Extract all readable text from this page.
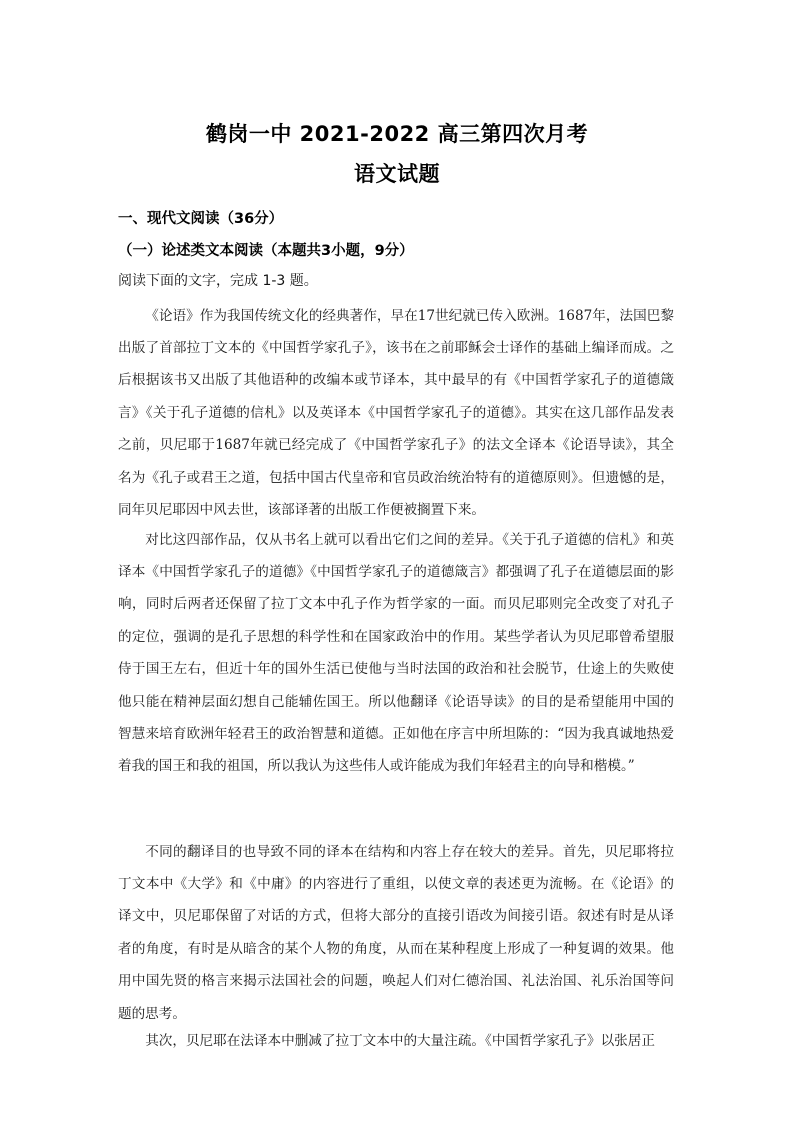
鹤岗一中 2021-2022 高三第四次月考
语文试题
一、现代文阅读（36分）
（一）论述类文本阅读（本题共3小题，9分）
阅读下面的文字，完成 1-3 题。

《论语》作为我国传统文化的经典著作，早在17世纪就已传入欧洲。1687年，法国巴黎出版了首部拉丁文本的《中国哲学家孔子》，该书在之前耶稣会士译作的基础上编译而成。之后根据该书又出版了其他语种的改编本或节译本，其中最早的有《中国哲学家孔子的道德箴言》《关于孔子道德的信札》以及英译本《中国哲学家孔子的道德》。其实在这几部作品发表之前，贝尼耶于1687年就已经完成了《中国哲学家孔子》的法文全译本《论语导读》，其全名为《孔子或君王之道，包括中国古代皇帝和官员政治统治特有的道德原则》。但遗憾的是，同年贝尼耶因中风去世，该部译著的出版工作便被搁置下来。

对比这四部作品，仅从书名上就可以看出它们之间的差异。《关于孔子道德的信札》和英译本《中国哲学家孔子的道德》《中国哲学家孔子的道德箴言》都强调了孔子在道德层面的影响，同时后两者还保留了拉丁文本中孔子作为哲学家的一面。而贝尼耶则完全改变了对孔子的定位，强调的是孔子思想的科学性和在国家政治中的作用。某些学者认为贝尼耶曾希望服侍于国王左右，但近十年的国外生活已使他与当时法国的政治和社会脱节，仕途上的失败使他只能在精神层面幻想自己能辅佐国王。所以他翻译《论语导读》的目的是希望能用中国的智慧来培育欧洲年轻君王的政治智慧和道德。正如他在序言中所坦陈的：“因为我真诚地热爱着我的国王和我的祖国，所以我认为这些伟人或许能成为我们年轻君主的向导和楷模。”

不同的翻译目的也导致不同的译本在结构和内容上存在较大的差异。首先，贝尼耶将拉丁文本中《大学》和《中庸》的内容进行了重组，以使文章的表述更为流畅。在《论语》的译文中，贝尼耶保留了对话的方式，但将大部分的直接引语改为间接引语。叙述有时是从译者的角度，有时是从暗含的某个人物的角度，从而在某种程度上形成了一种复调的效果。他用中国先贤的格言来揭示法国社会的问题，唤起人们对仁德治国、礼法治国、礼乐治国等问题的思考。

其次，贝尼耶在法译本中删减了拉丁文本中的大量注疏。《中国哲学家孔子》以张居正
